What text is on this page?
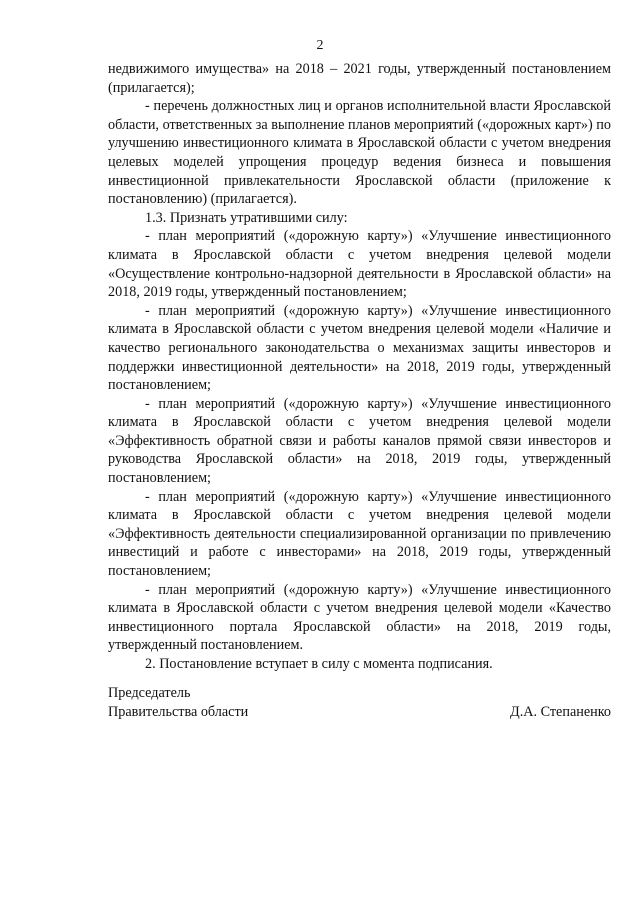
2

недвижимого имущества» на 2018 – 2021 годы, утвержденный постановлением (прилагается);

- перечень должностных лиц и органов исполнительной власти Ярославской области, ответственных за выполнение планов мероприятий («дорожных карт») по улучшению инвестиционного климата в Ярославской области с учетом внедрения целевых моделей упрощения процедур ведения бизнеса и повышения инвестиционной привлекательности Ярославской области (приложение к постановлению) (прилагается).

1.3. Признать утратившими силу:

- план мероприятий («дорожную карту») «Улучшение инвестиционного климата в Ярославской области с учетом внедрения целевой модели «Осуществление контрольно-надзорной деятельности в Ярославской области» на 2018, 2019 годы, утвержденный постановлением;

- план мероприятий («дорожную карту») «Улучшение инвестиционного климата в Ярославской области с учетом внедрения целевой модели «Наличие и качество регионального законодательства о механизмах защиты инвесторов и поддержки инвестиционной деятельности» на 2018, 2019 годы, утвержденный постановлением;

- план мероприятий («дорожную карту») «Улучшение инвестиционного климата в Ярославской области с учетом внедрения целевой модели «Эффективность обратной связи и работы каналов прямой связи инвесторов и руководства Ярославской области» на 2018, 2019 годы, утвержденный постановлением;

- план мероприятий («дорожную карту») «Улучшение инвестиционного климата в Ярославской области с учетом внедрения целевой модели «Эффективность деятельности специализированной организации по привлечению инвестиций и работе с инвесторами» на 2018, 2019 годы, утвержденный постановлением;

- план мероприятий («дорожную карту») «Улучшение инвестиционного климата в Ярославской области с учетом внедрения целевой модели «Качество инвестиционного портала Ярославской области» на 2018, 2019 годы, утвержденный постановлением.

2. Постановление вступает в силу с момента подписания.

Председатель
Правительства области	Д.А. Степаненко
